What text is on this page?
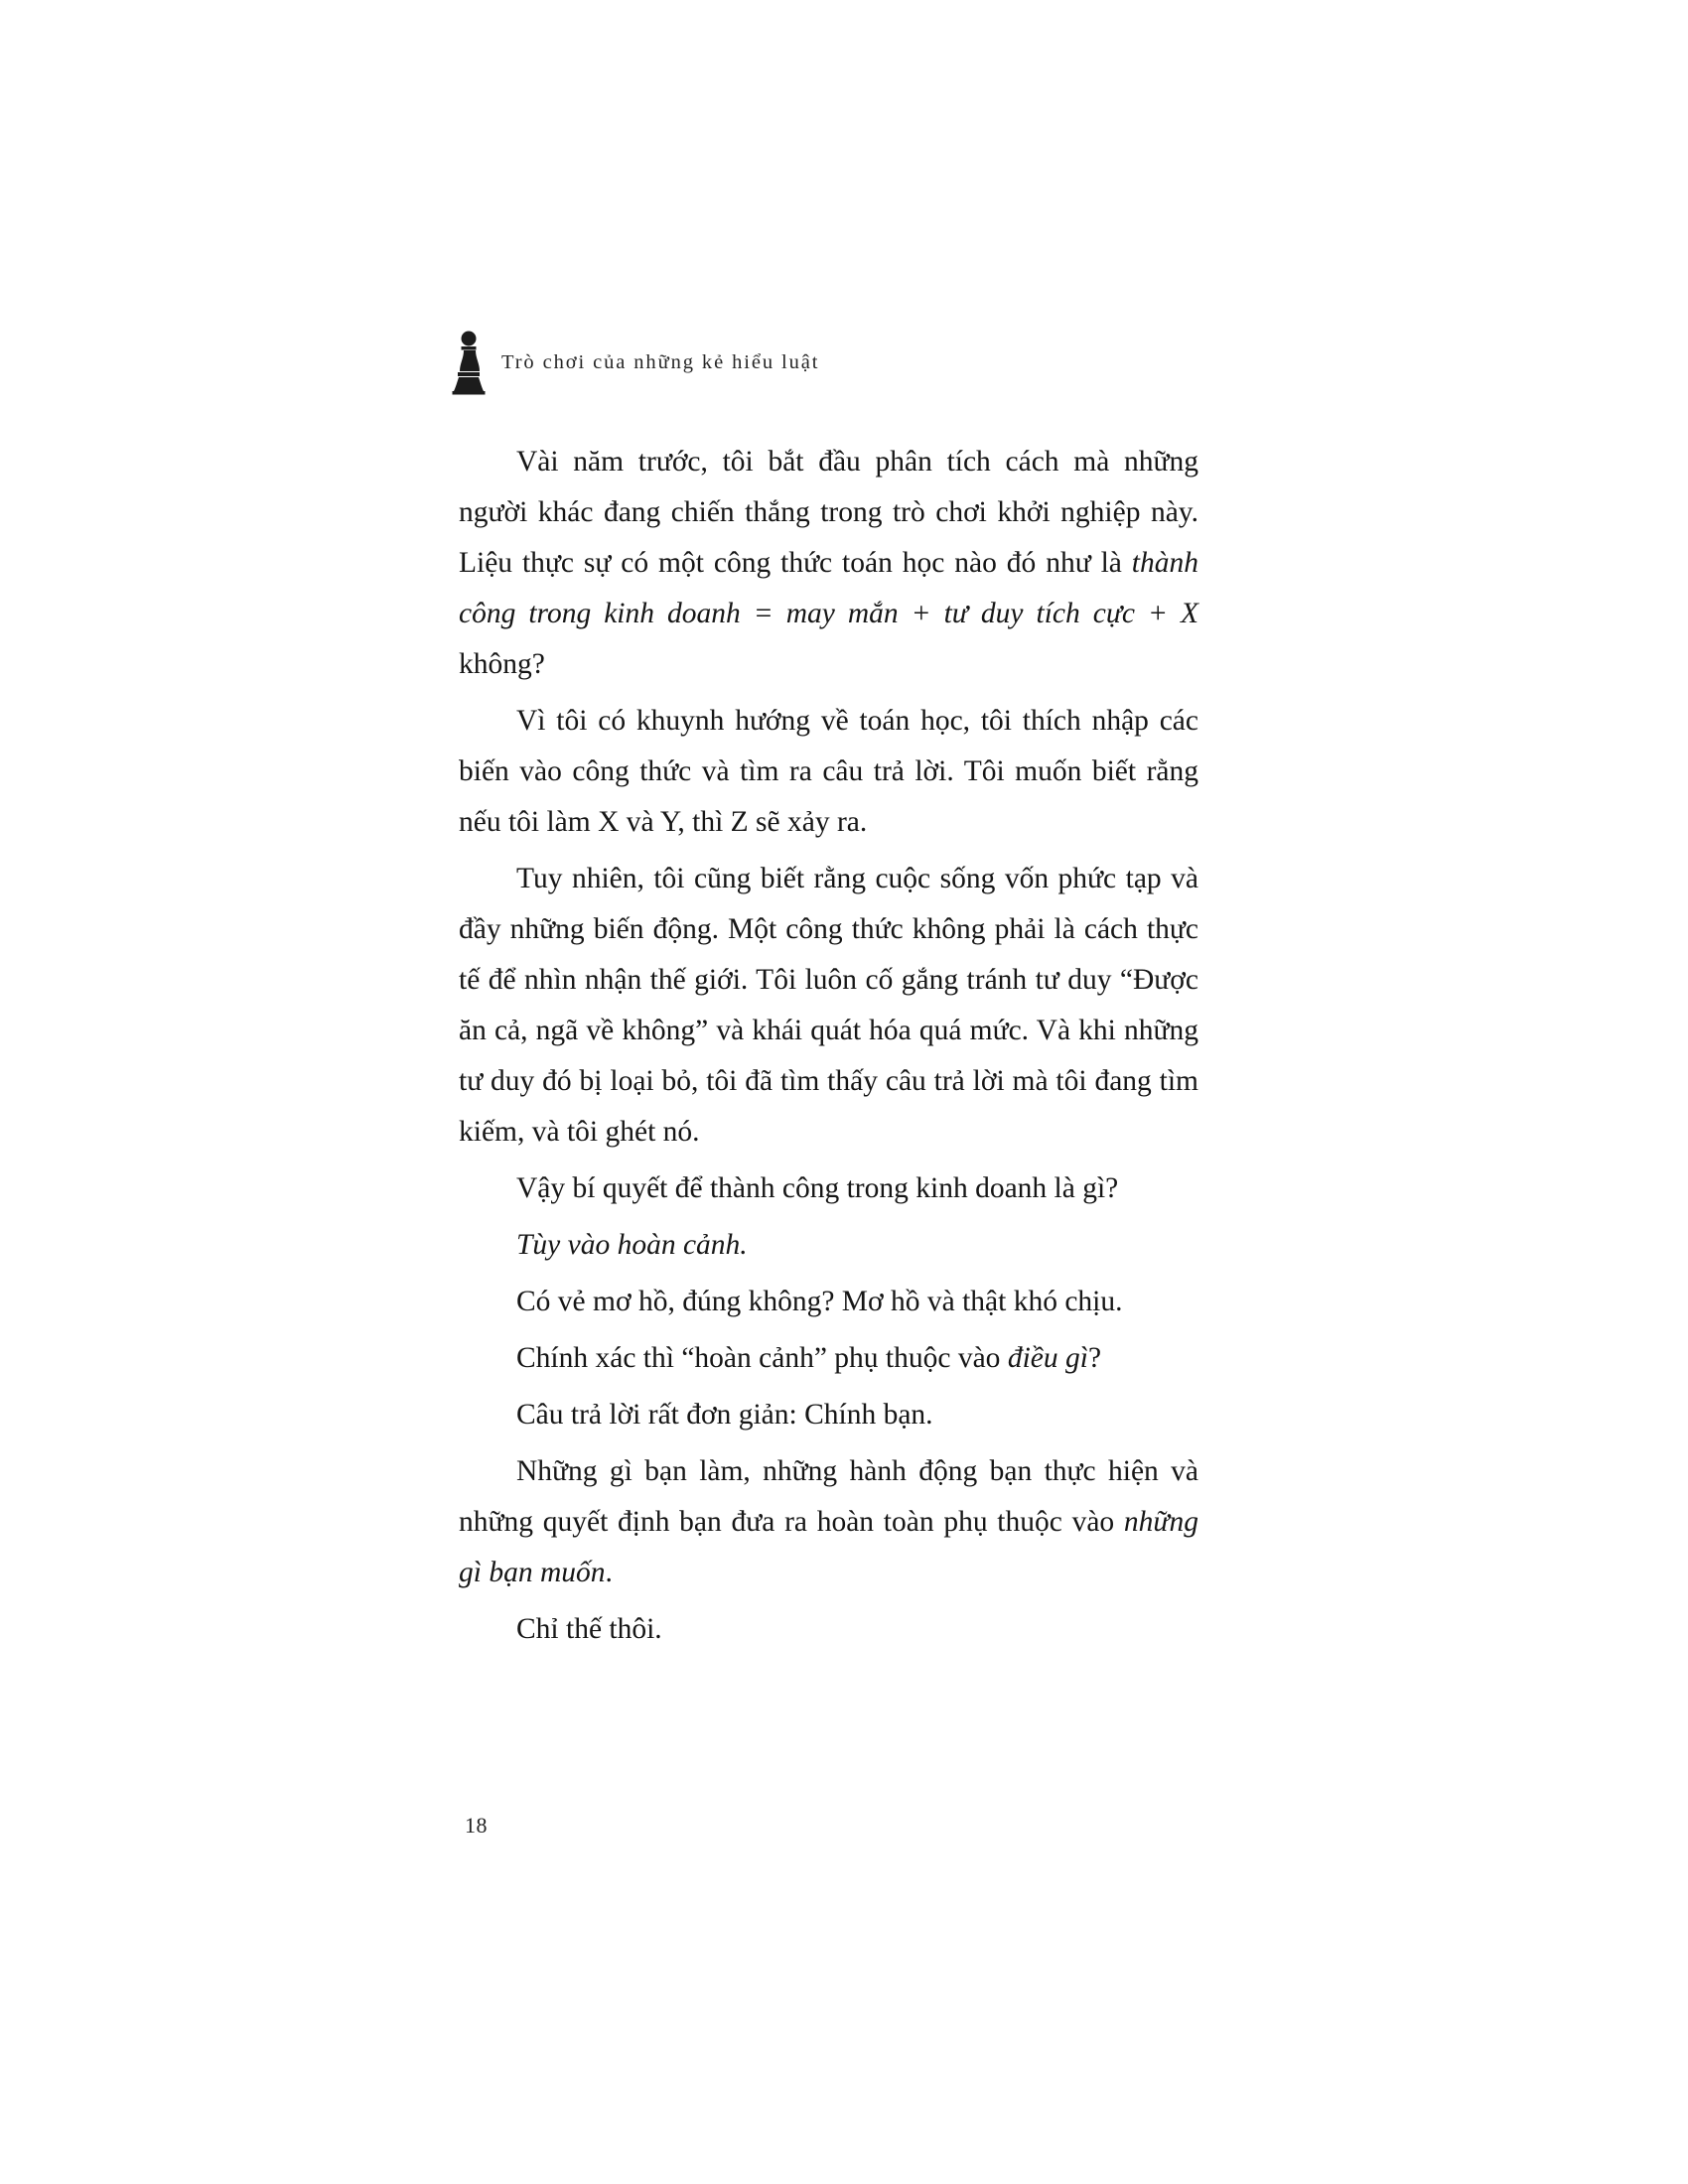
Trò chơi của những kẻ hiểu luật

Vài năm trước, tôi bắt đầu phân tích cách mà những người khác đang chiến thắng trong trò chơi khởi nghiệp này. Liệu thực sự có một công thức toán học nào đó như là thành công trong kinh doanh = may mắn + tư duy tích cực + X không?

Vì tôi có khuynh hướng về toán học, tôi thích nhập các biến vào công thức và tìm ra câu trả lời. Tôi muốn biết rằng nếu tôi làm X và Y, thì Z sẽ xảy ra.

Tuy nhiên, tôi cũng biết rằng cuộc sống vốn phức tạp và đầy những biến động. Một công thức không phải là cách thực tế để nhìn nhận thế giới. Tôi luôn cố gắng tránh tư duy “Được ăn cả, ngã về không” và khái quát hóa quá mức. Và khi những tư duy đó bị loại bỏ, tôi đã tìm thấy câu trả lời mà tôi đang tìm kiếm, và tôi ghét nó.

Vậy bí quyết để thành công trong kinh doanh là gì?

Tùy vào hoàn cảnh.

Có vẻ mơ hồ, đúng không? Mơ hồ và thật khó chịu.

Chính xác thì “hoàn cảnh” phụ thuộc vào điều gì?

Câu trả lời rất đơn giản: Chính bạn.

Những gì bạn làm, những hành động bạn thực hiện và những quyết định bạn đưa ra hoàn toàn phụ thuộc vào những gì bạn muốn.

Chỉ thế thôi.

18
